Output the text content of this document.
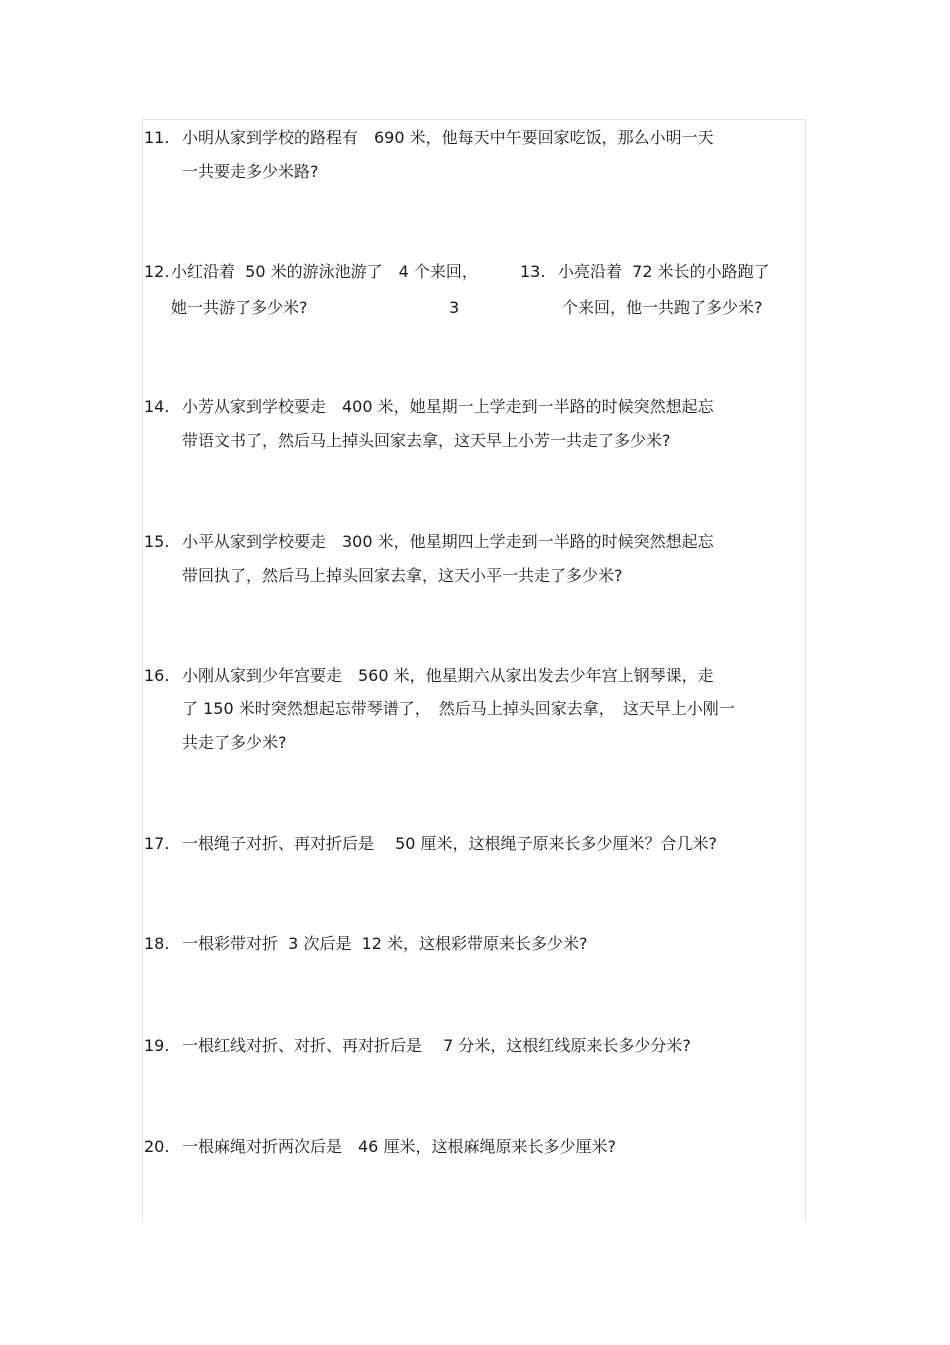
11. 小明从家到学校的路程有　690 米，他每天中午要回家吃饭，那么小明一天
一共要走多少米路?
12. 小红沿着  50 米的游泳池游了　4 个来回，
她一共游了多少米?
13. 小亮沿着  72 米长的小路跑了
3	个来回，他一共跑了多少米?
14. 小芳从家到学校要走　400 米，她星期一上学走到一半路的时候突然想起忘
带语文书了，然后马上掉头回家去拿，这天早上小芳一共走了多少米?
15. 小平从家到学校要走　300 米，他星期四上学走到一半路的时候突然想起忘
带回执了，然后马上掉头回家去拿，这天小平一共走了多少米?
16. 小刚从家到少年宫要走　560 米，他星期六从家出发去少年宫上钢琴课，走
了 150 米时突然想起忘带琴谱了，　然后马上掉头回家去拿，　这天早上小刚一
共走了多少米?
17. 一根绳子对折、再对折后是　 50 厘米，这根绳子原来长多少厘米？合几米?
18. 一根彩带对折  3 次后是  12 米，这根彩带原来长多少米?
19. 一根红线对折、对折、再对折后是　 7 分米，这根红线原来长多少分米?
20. 一根麻绳对折两次后是　46 厘米，这根麻绳原来长多少厘米?
